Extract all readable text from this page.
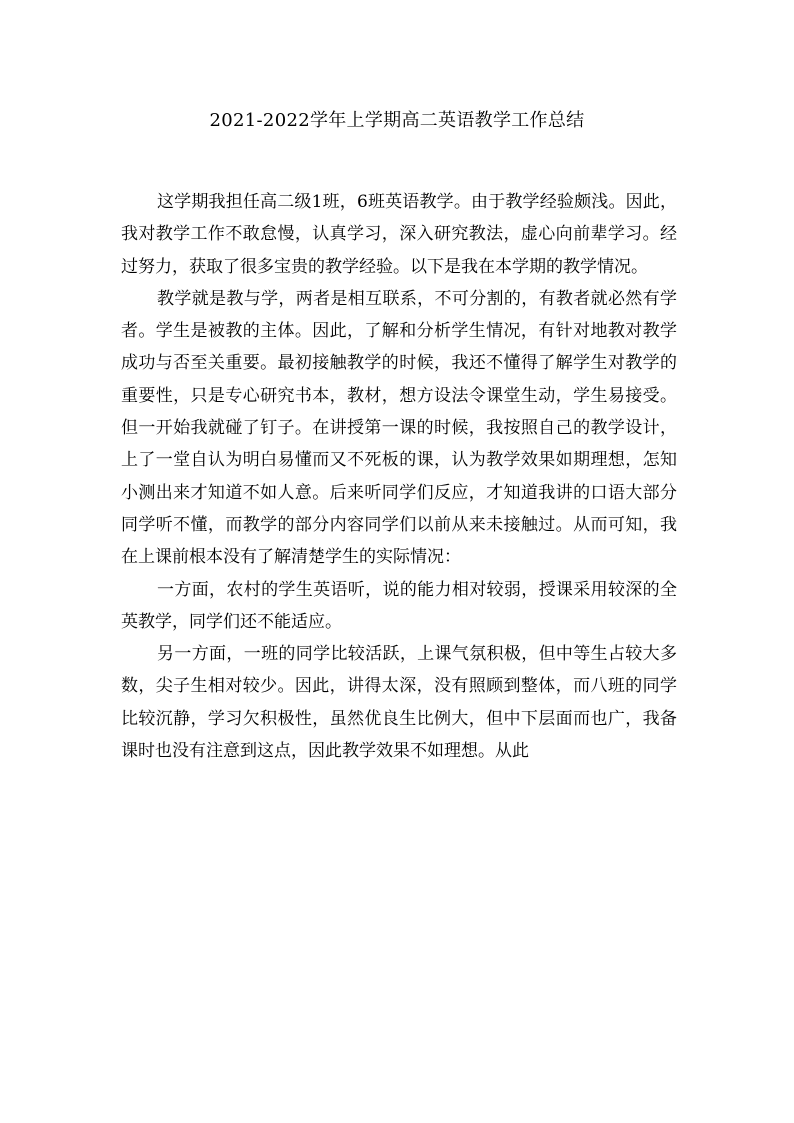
2021-2022学年上学期高二英语教学工作总结

这学期我担任高二级1班，6班英语教学。由于教学经验颇浅。因此，我对教学工作不敢怠慢，认真学习，深入研究教法，虚心向前辈学习。经过努力，获取了很多宝贵的教学经验。以下是我在本学期的教学情况。

教学就是教与学，两者是相互联系，不可分割的，有教者就必然有学者。学生是被教的主体。因此，了解和分析学生情况，有针对地教对教学成功与否至关重要。最初接触教学的时候，我还不懂得了解学生对教学的重要性，只是专心研究书本，教材，想方设法令课堂生动，学生易接受。但一开始我就碰了钉子。在讲授第一课的时候，我按照自己的教学设计，上了一堂自认为明白易懂而又不死板的课，认为教学效果如期理想，怎知小测出来才知道不如人意。后来听同学们反应，才知道我讲的口语大部分同学听不懂，而教学的部分内容同学们以前从来未接触过。从而可知，我在上课前根本没有了解清楚学生的实际情况：

一方面，农村的学生英语听，说的能力相对较弱，授课采用较深的全英教学，同学们还不能适应。

另一方面，一班的同学比较活跃，上课气氛积极，但中等生占较大多数，尖子生相对较少。因此，讲得太深，没有照顾到整体，而八班的同学比较沉静，学习欠积极性，虽然优良生比例大，但中下层面而也广，我备课时也没有注意到这点，因此教学效果不如理想。从此
